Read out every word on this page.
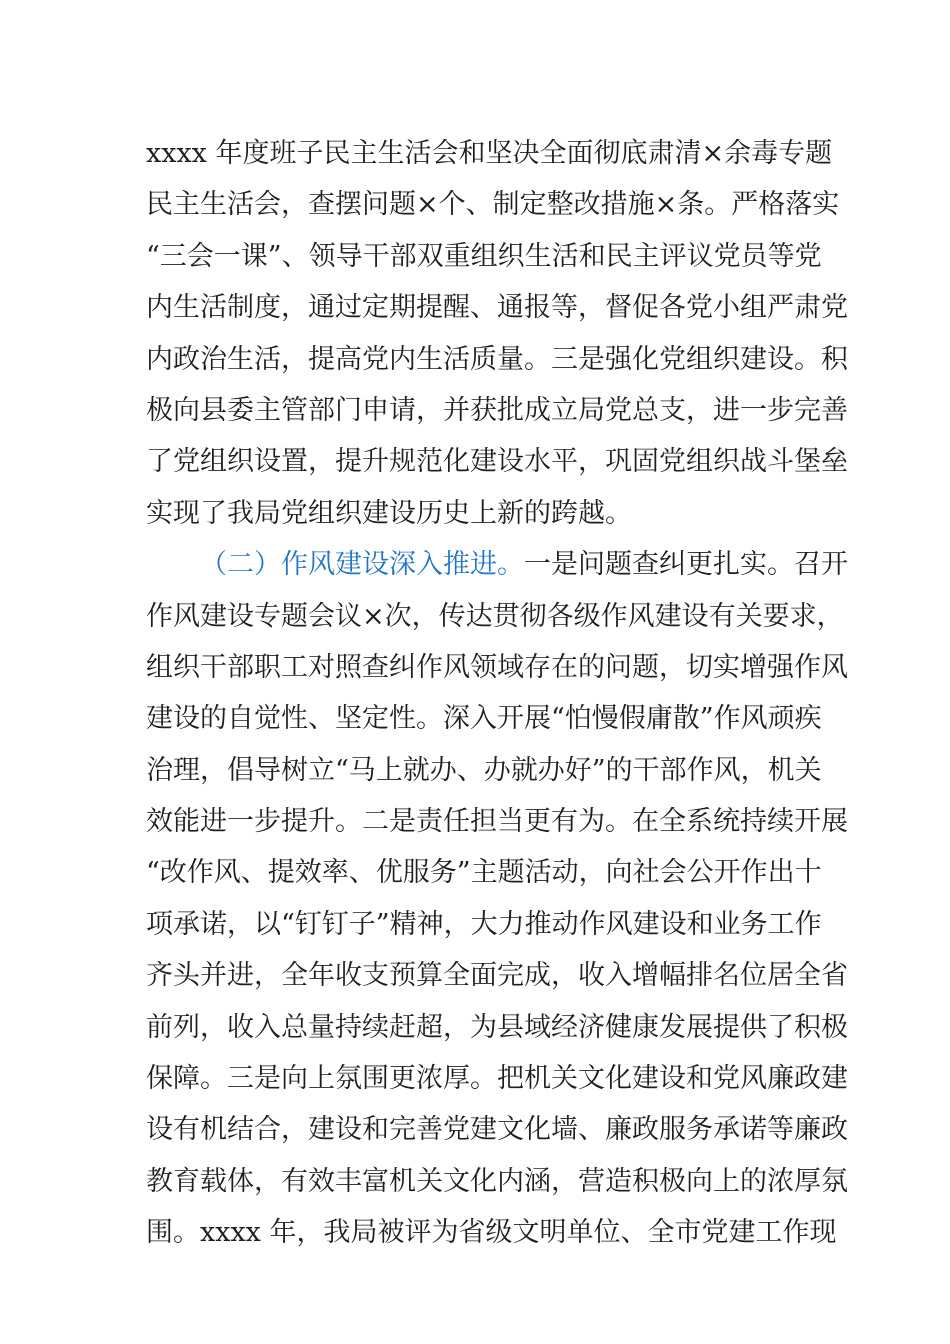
xxxx 年度班子民主生活会和坚决全面彻底肃清×余毒专题
民主生活会，查摆问题×个、制定整改措施×条。严格落实
“三会一课”、领导干部双重组织生活和民主评议党员等党
内生活制度，通过定期提醒、通报等，督促各党小组严肃党
内政治生活，提高党内生活质量。三是强化党组织建设。积
极向县委主管部门申请，并获批成立局党总支，进一步完善
了党组织设置，提升规范化建设水平，巩固党组织战斗堡垒
实现了我局党组织建设历史上新的跨越。
（二）作风建设深入推进。一是问题查纠更扎实。召开
作风建设专题会议×次，传达贯彻各级作风建设有关要求，
组织干部职工对照查纠作风领域存在的问题，切实增强作风
建设的自觉性、坚定性。深入开展“怕慢假庸散”作风顽疾
治理，倡导树立“马上就办、办就办好”的干部作风，机关
效能进一步提升。二是责任担当更有为。在全系统持续开展
“改作风、提效率、优服务”主题活动，向社会公开作出十
项承诺，以“钉钉子”精神，大力推动作风建设和业务工作
齐头并进，全年收支预算全面完成，收入增幅排名位居全省
前列，收入总量持续赶超，为县域经济健康发展提供了积极
保障。三是向上氛围更浓厚。把机关文化建设和党风廉政建
设有机结合，建设和完善党建文化墙、廉政服务承诺等廉政
教育载体，有效丰富机关文化内涵，营造积极向上的浓厚氛
围。xxxx 年，我局被评为省级文明单位、全市党建工作现
